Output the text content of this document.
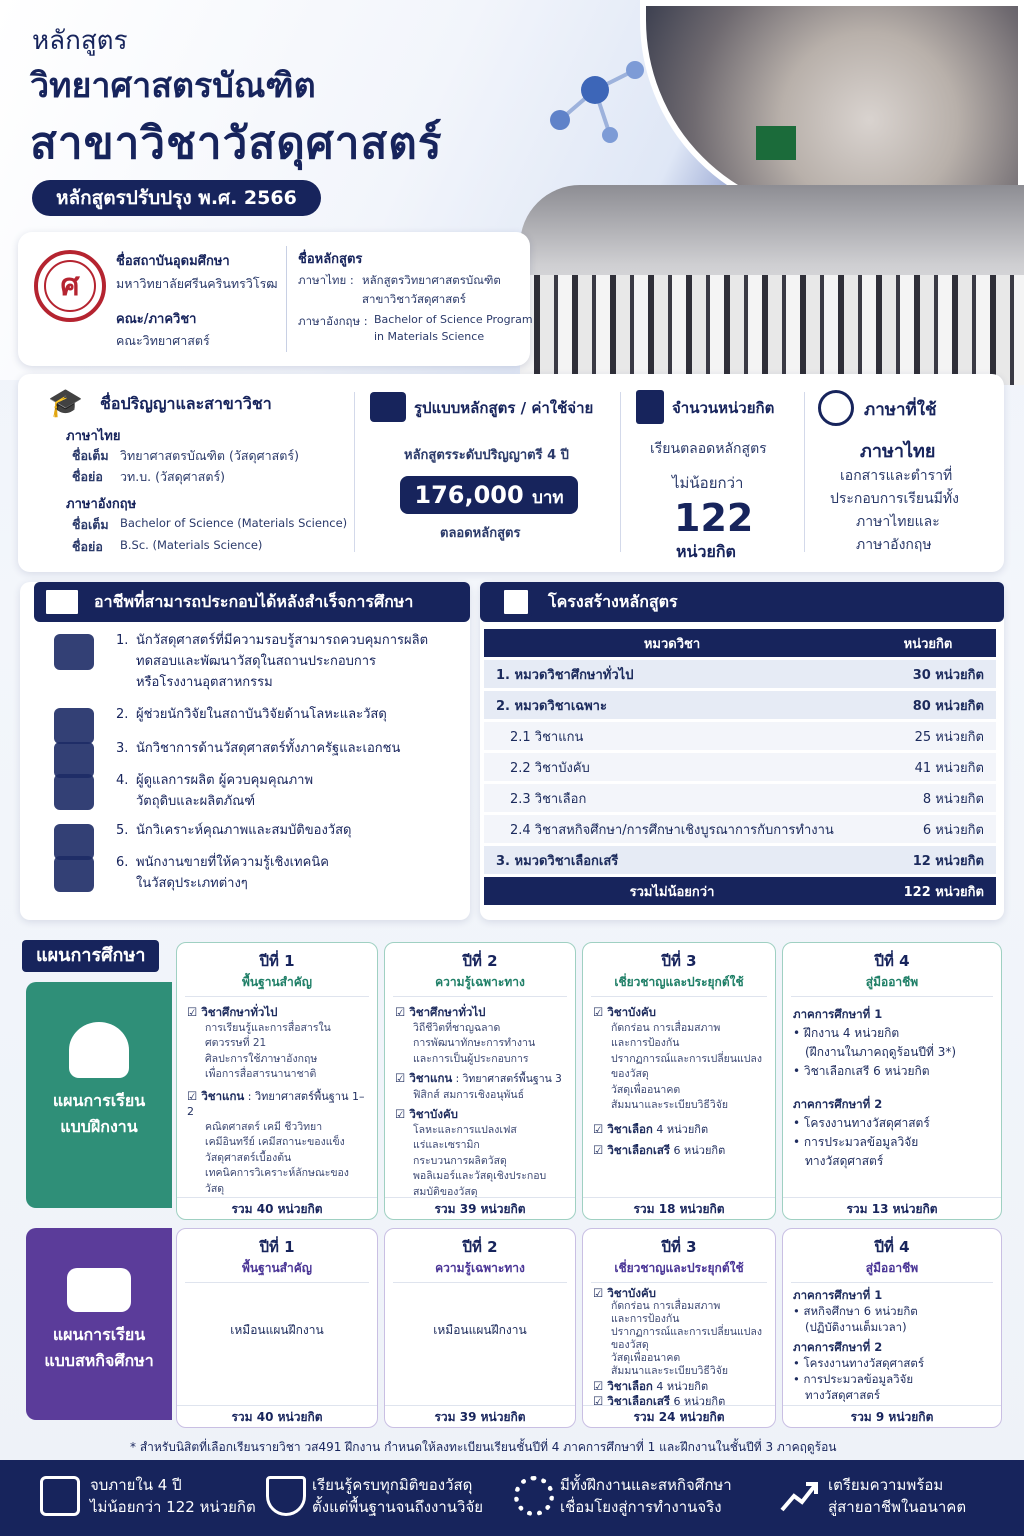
หลักสูตร
วิทยาศาสตรบัณฑิต
สาขาวิชาวัสดุศาสตร์
หลักสูตรปรับปรุง พ.ศ. 2566
ศ
ชื่อสถาบันอุดมศึกษา
มหาวิทยาลัยศรีนครินทรวิโรฒ
คณะ/ภาควิชา
คณะวิทยาศาสตร์
ชื่อหลักสูตร
ภาษาไทย : หลักสูตรวิทยาศาสตรบัณฑิต
สาขาวิชาวัสดุศาสตร์
ภาษาอังกฤษ : Bachelor of Science Program
in Materials Science
🎓	ชื่อปริญญาและสาขาวิชา
ภาษาไทย
ชื่อเต็ม วิทยาศาสตรบัณฑิต (วัสดุศาสตร์)
ชื่อย่อ วท.บ. (วัสดุศาสตร์)
ภาษาอังกฤษ
ชื่อเต็ม Bachelor of Science (Materials Science)
ชื่อย่อ B.Sc. (Materials Science)
รูปแบบหลักสูตร / ค่าใช้จ่าย
หลักสูตรระดับปริญญาตรี 4 ปี
176,000 บาท
ตลอดหลักสูตร
จำนวนหน่วยกิต
เรียนตลอดหลักสูตร
ไม่น้อยกว่า
122
หน่วยกิต
ภาษาที่ใช้
ภาษาไทย
เอกสารและตำราที่
ประกอบการเรียนมีทั้ง
ภาษาไทยและ
ภาษาอังกฤษ
อาชีพที่สามารถประกอบได้หลังสำเร็จการศึกษา
1. นักวัสดุศาสตร์ที่มีความรอบรู้สามารถควบคุมการผลิต
ทดสอบและพัฒนาวัสดุในสถานประกอบการ
หรือโรงงานอุตสาหกรรม
2. ผู้ช่วยนักวิจัยในสถาบันวิจัยด้านโลหะและวัสดุ
3. นักวิชาการด้านวัสดุศาสตร์ทั้งภาครัฐและเอกชน
4. ผู้ดูแลการผลิต ผู้ควบคุมคุณภาพ
วัตถุดิบและผลิตภัณฑ์
5. นักวิเคราะห์คุณภาพและสมบัติของวัสดุ
6. พนักงานขายที่ให้ความรู้เชิงเทคนิค
ในวัสดุประเภทต่างๆ
โครงสร้างหลักสูตร
หมวดวิชา	หน่วยกิต
1. หมวดวิชาศึกษาทั่วไป	30 หน่วยกิต
2. หมวดวิชาเฉพาะ	80 หน่วยกิต
2.1 วิชาแกน	25 หน่วยกิต
2.2 วิชาบังคับ	41 หน่วยกิต
2.3 วิชาเลือก	8 หน่วยกิต
2.4 วิชาสหกิจศึกษา/การศึกษาเชิงบูรณาการกับการทำงาน	6 หน่วยกิต
3. หมวดวิชาเลือกเสรี	12 หน่วยกิต
รวมไม่น้อยกว่า	122 หน่วยกิต
แผนการศึกษา
แผนการเรียน
แบบฝึกงาน
แผนการเรียน
แบบสหกิจศึกษา
ปีที่ 1
พื้นฐานสำคัญ
☑ วิชาศึกษาทั่วไป
การเรียนรู้และการสื่อสารในศตวรรษที่ 21
ศิลปะการใช้ภาษาอังกฤษ
เพื่อการสื่อสารนานาชาติ
☑ วิชาแกน : วิทยาศาสตร์พื้นฐาน 1–2
คณิตศาสตร์ เคมี ชีววิทยา
เคมีอินทรีย์ เคมีสถานะของแข็ง
วัสดุศาสตร์เบื้องต้น
เทคนิคการวิเคราะห์ลักษณะของวัสดุ
รวม 40 หน่วยกิต
ปีที่ 2
ความรู้เฉพาะทาง
☑ วิชาศึกษาทั่วไป
วิถีชีวิตที่ชาญฉลาด
การพัฒนาทักษะการทำงาน
และการเป็นผู้ประกอบการ
☑ วิชาแกน : วิทยาศาสตร์พื้นฐาน 3
ฟิสิกส์ สมการเชิงอนุพันธ์
☑ วิชาบังคับ
โลหะและการแปลงเฟส
แร่และเซรามิก
กระบวนการผลิตวัสดุ
พอลิเมอร์และวัสดุเชิงประกอบ
สมบัติของวัสดุ
รวม 39 หน่วยกิต
ปีที่ 3
เชี่ยวชาญและประยุกต์ใช้
☑ วิชาบังคับ
กัดกร่อน การเสื่อมสภาพ
และการป้องกัน
ปรากฏการณ์และการเปลี่ยนแปลง
ของวัสดุ
วัสดุเพื่ออนาคต
สัมมนาและระเบียบวิธีวิจัย
☑ วิชาเลือก 4 หน่วยกิต
☑ วิชาเลือกเสรี 6 หน่วยกิต
รวม 18 หน่วยกิต
ปีที่ 4
สู่มืออาชีพ
ภาคการศึกษาที่ 1
• ฝึกงาน 4 หน่วยกิต
(ฝึกงานในภาคฤดูร้อนปีที่ 3*)
• วิชาเลือกเสรี 6 หน่วยกิต
ภาคการศึกษาที่ 2
• โครงงานทางวัสดุศาสตร์
• การประมวลข้อมูลวิจัย
ทางวัสดุศาสตร์
รวม 13 หน่วยกิต
ปีที่ 1
พื้นฐานสำคัญ
เหมือนแผนฝึกงาน
รวม 40 หน่วยกิต
ปีที่ 2
ความรู้เฉพาะทาง
เหมือนแผนฝึกงาน
รวม 39 หน่วยกิต
ปีที่ 3
เชี่ยวชาญและประยุกต์ใช้
☑ วิชาบังคับ
กัดกร่อน การเสื่อมสภาพ
และการป้องกัน
ปรากฏการณ์และการเปลี่ยนแปลง
ของวัสดุ
วัสดุเพื่ออนาคต
สัมมนาและระเบียบวิธีวิจัย
☑ วิชาเลือก 4 หน่วยกิต
☑ วิชาเลือกเสรี 6 หน่วยกิต
รวม 24 หน่วยกิต
ปีที่ 4
สู่มืออาชีพ
ภาคการศึกษาที่ 1
• สหกิจศึกษา 6 หน่วยกิต
(ปฏิบัติงานเต็มเวลา)
ภาคการศึกษาที่ 2
• โครงงานทางวัสดุศาสตร์
• การประมวลข้อมูลวิจัย
ทางวัสดุศาสตร์
รวม 9 หน่วยกิต
* สำหรับนิสิตที่เลือกเรียนรายวิชา วส491 ฝึกงาน กำหนดให้ลงทะเบียนเรียนชั้นปีที่ 4 ภาคการศึกษาที่ 1 และฝึกงานในชั้นปีที่ 3 ภาคฤดูร้อน
จบภายใน 4 ปี
ไม่น้อยกว่า 122 หน่วยกิต
เรียนรู้ครบทุกมิติของวัสดุ
ตั้งแต่พื้นฐานจนถึงงานวิจัย
มีทั้งฝึกงานและสหกิจศึกษา
เชื่อมโยงสู่การทำงานจริง
เตรียมความพร้อม
สู่สายอาชีพในอนาคต
